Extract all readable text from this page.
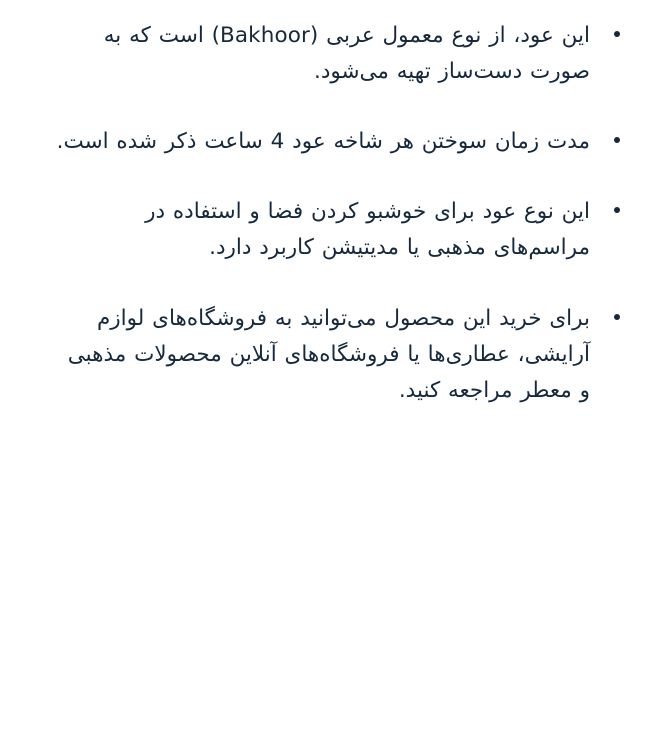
این عود، از نوع معمول عربی (Bakhoor) است که به صورت دست‌ساز تهیه می‌شود.
مدت زمان سوختن هر شاخه عود 4 ساعت ذکر شده است.
این نوع عود برای خوشبو کردن فضا و استفاده در مراسم‌های مذهبی یا مدیتیشن کاربرد دارد.
برای خرید این محصول می‌توانید به فروشگاه‌های لوازم آرایشی، عطاری‌ها یا فروشگاه‌های آنلاین محصولات مذهبی و معطر مراجعه کنید.
